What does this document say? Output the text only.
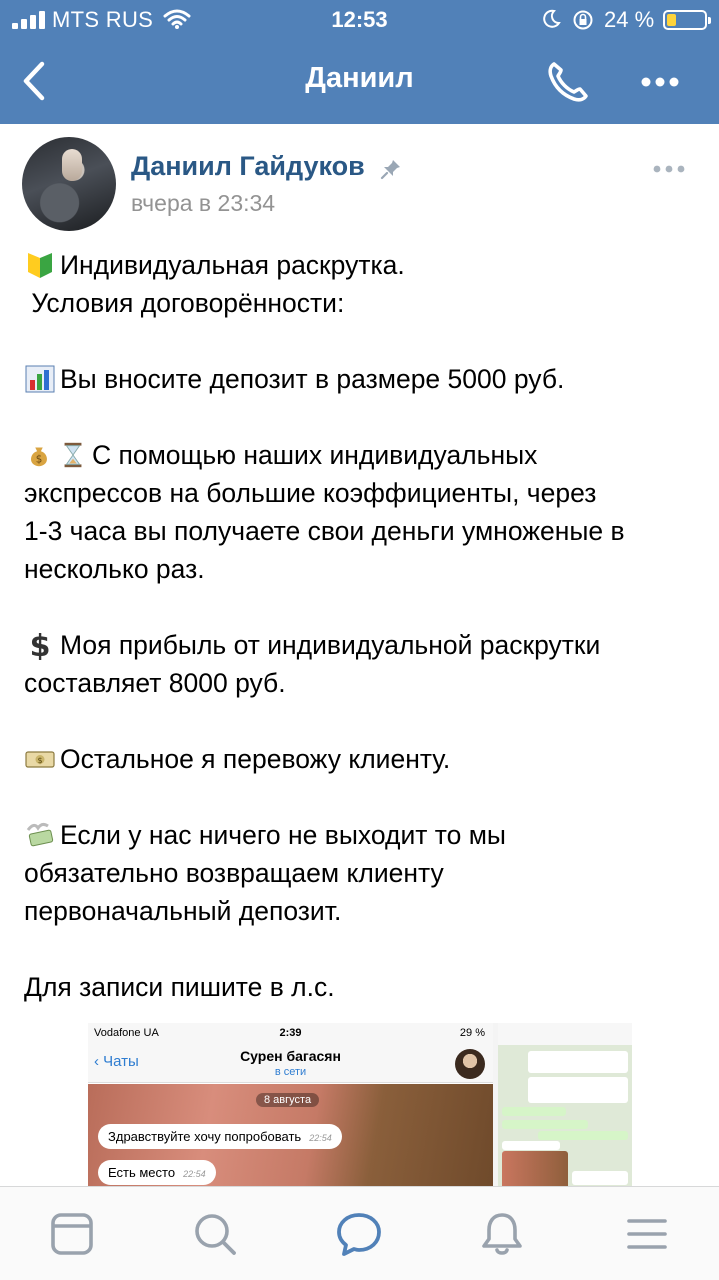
MTS RUS	12:53	24 %
Даниил
Даниил Гайдуков
вчера в 23:34
Индивидуальная раскрутка.
Условия договорённости:
Вы вносите депозит в размере 5000 руб.
$ С помощью наших индивидуальных
экспрессов на большие коэффициенты, через
1-3 часа вы получаете свои деньги умноженые в
несколько раз.
$ Моя прибыль от индивидуальной раскрутки
составляет 8000 руб.
$ Остальное я перевожу клиенту.
Если у нас ничего не выходит то мы
обязательно возвращаем клиенту
первоначальный депозит.
Для записи пишите в л.с.
Vodafone UA	2:39	29 %
‹ Чаты	Сурен багасян
в сети
8 августа
Здравствуйте хочу попробовать 22:54
Есть место 22:54
